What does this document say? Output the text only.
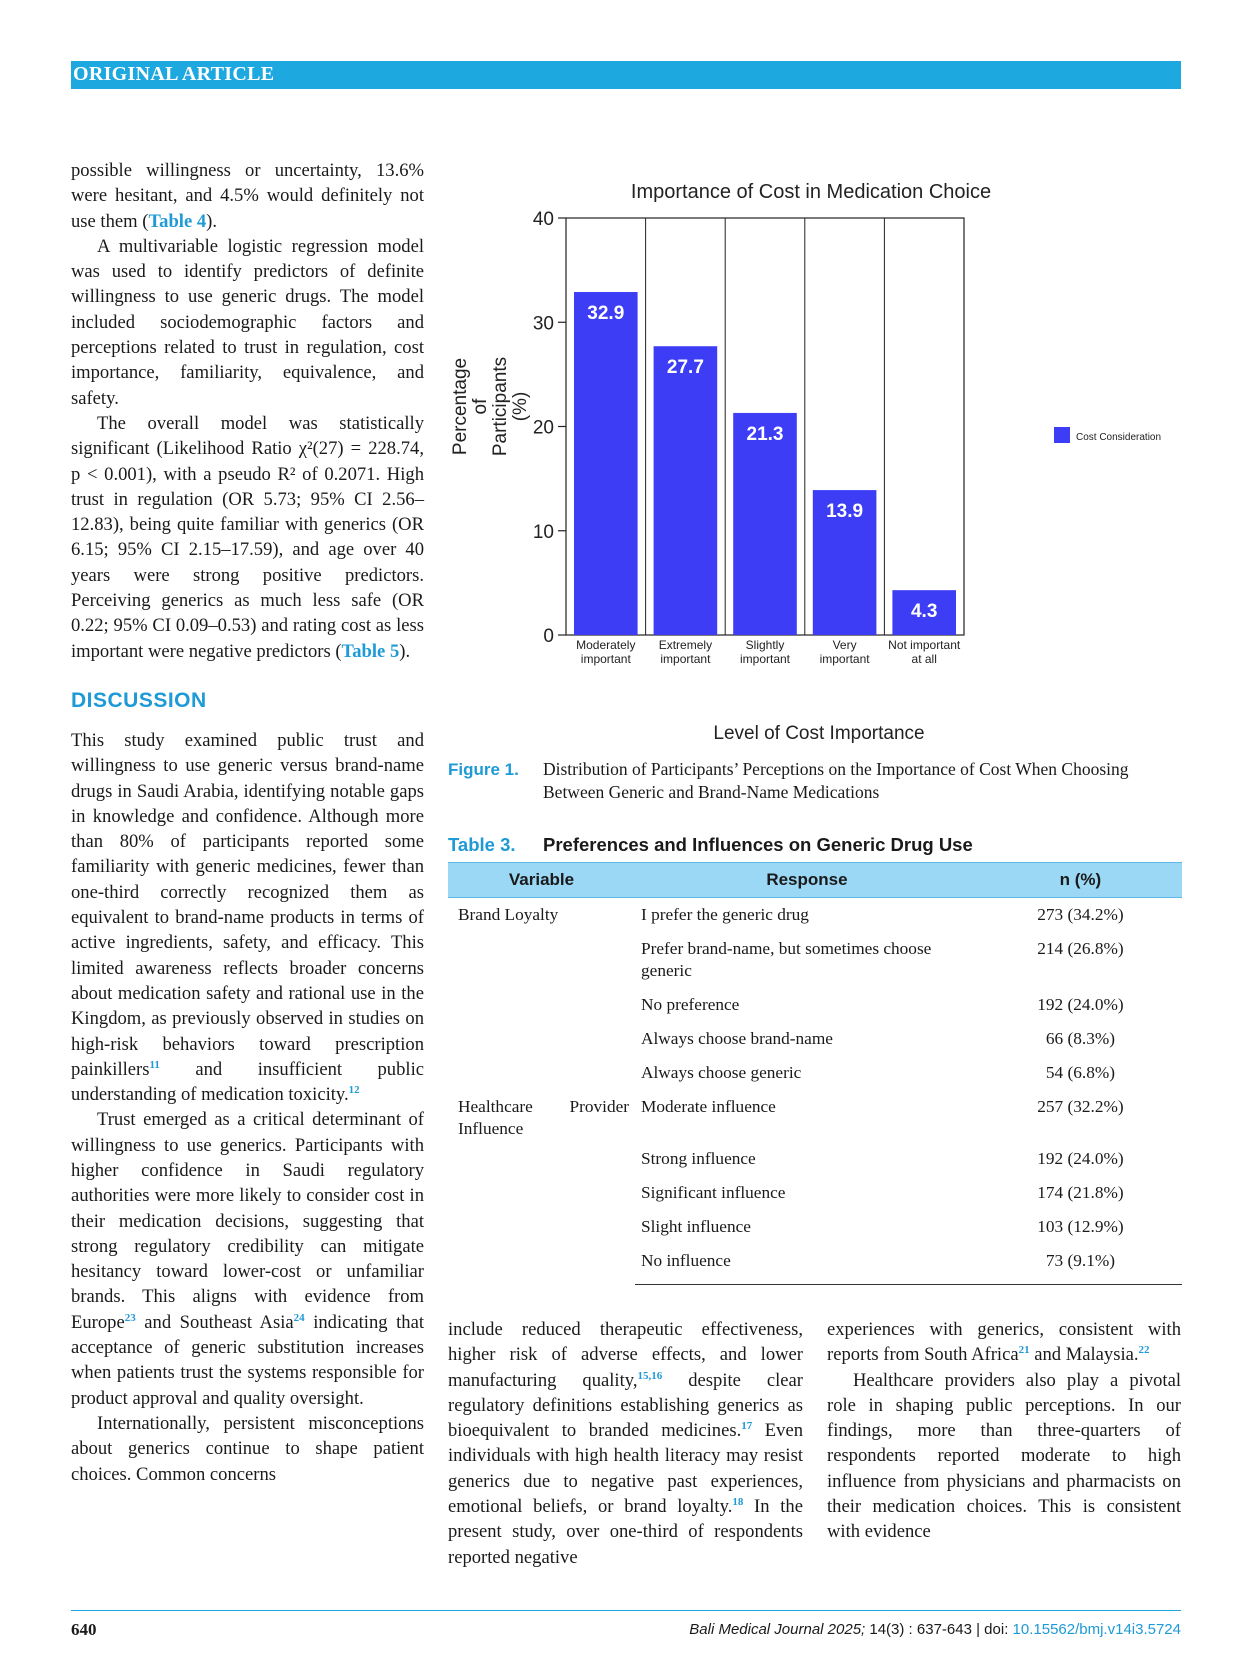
ORIGINAL ARTICLE

possible willingness or uncertainty, 13.6% were hesitant, and 4.5% would definitely not use them (Table 4).

A multivariable logistic regression model was used to identify predictors of definite willingness to use generic drugs. The model included sociodemographic factors and perceptions related to trust in regulation, cost importance, familiarity, equivalence, and safety.

The overall model was statistically significant (Likelihood Ratio χ²(27) = 228.74, p < 0.001), with a pseudo R² of 0.2071. High trust in regulation (OR 5.73; 95% CI 2.56–12.83), being quite familiar with generics (OR 6.15; 95% CI 2.15–17.59), and age over 40 years were strong positive predictors. Perceiving generics as much less safe (OR 0.22; 95% CI 0.09–0.53) and rating cost as less important were negative predictors (Table 5).

DISCUSSION

This study examined public trust and willingness to use generic versus brand-name drugs in Saudi Arabia, identifying notable gaps in knowledge and confidence. Although more than 80% of participants reported some familiarity with generic medicines, fewer than one-third correctly recognized them as equivalent to brand-name products in terms of active ingredients, safety, and efficacy. This limited awareness reflects broader concerns about medication safety and rational use in the Kingdom, as previously observed in studies on high-risk behaviors toward prescription painkillers$^{11}$ and insufficient public understanding of medication toxicity.$^{12}$

Trust emerged as a critical determinant of willingness to use generics. Participants with higher confidence in Saudi regulatory authorities were more likely to consider cost in their medication decisions, suggesting that strong regulatory credibility can mitigate hesitancy toward lower-cost or unfamiliar brands. This aligns with evidence from Europe$^{23}$ and Southeast Asia$^{24}$ indicating that acceptance of generic substitution increases when patients trust the systems responsible for product approval and quality oversight.

Internationally, persistent misconceptions about generics continue to shape patient choices. Common concerns

Importance of Cost in Medication Choice
Percentage of Participants (%)
32.9
27.7
21.3
13.9
4.3
0
10
20
30
40
Moderately
important
Extremely
important
Slightly
important
Very
important
Not important
at all
Level of Cost Importance
Cost Consideration
Figure 1.	Distribution of Participants’ Perceptions on the Importance of Cost When Choosing Between Generic and Brand-Name Medications
Table 3.	Preferences and Influences on Generic Drug Use
Variable	Response	n (%)
Brand Loyalty	I prefer the generic drug	273 (34.2%)
	Prefer brand-name, but sometimes choose generic	214 (26.8%)
	No preference	192 (24.0%)
	Always choose brand-name	66 (8.3%)
	Always choose generic	54 (6.8%)
Healthcare Provider Influence	Moderate influence	257 (32.2%)
	Strong influence	192 (24.0%)
	Significant influence	174 (21.8%)
	Slight influence	103 (12.9%)
	No influence	73 (9.1%)

include reduced therapeutic effectiveness, higher risk of adverse effects, and lower manufacturing quality,$^{15,16}$ despite clear regulatory definitions establishing generics as bioequivalent to branded medicines.$^{17}$ Even individuals with high health literacy may resist generics due to negative past experiences, emotional beliefs, or brand loyalty.$^{18}$ In the present study, over one-third of respondents reported negative

experiences with generics, consistent with reports from South Africa$^{21}$ and Malaysia.$^{22}$

Healthcare providers also play a pivotal role in shaping public perceptions. In our findings, more than three-quarters of respondents reported moderate to high influence from physicians and pharmacists on their medication choices. This is consistent with evidence

640	Bali Medical Journal 2025; 14(3) : 637-643 | doi: 10.15562/bmj.v14i3.5724
